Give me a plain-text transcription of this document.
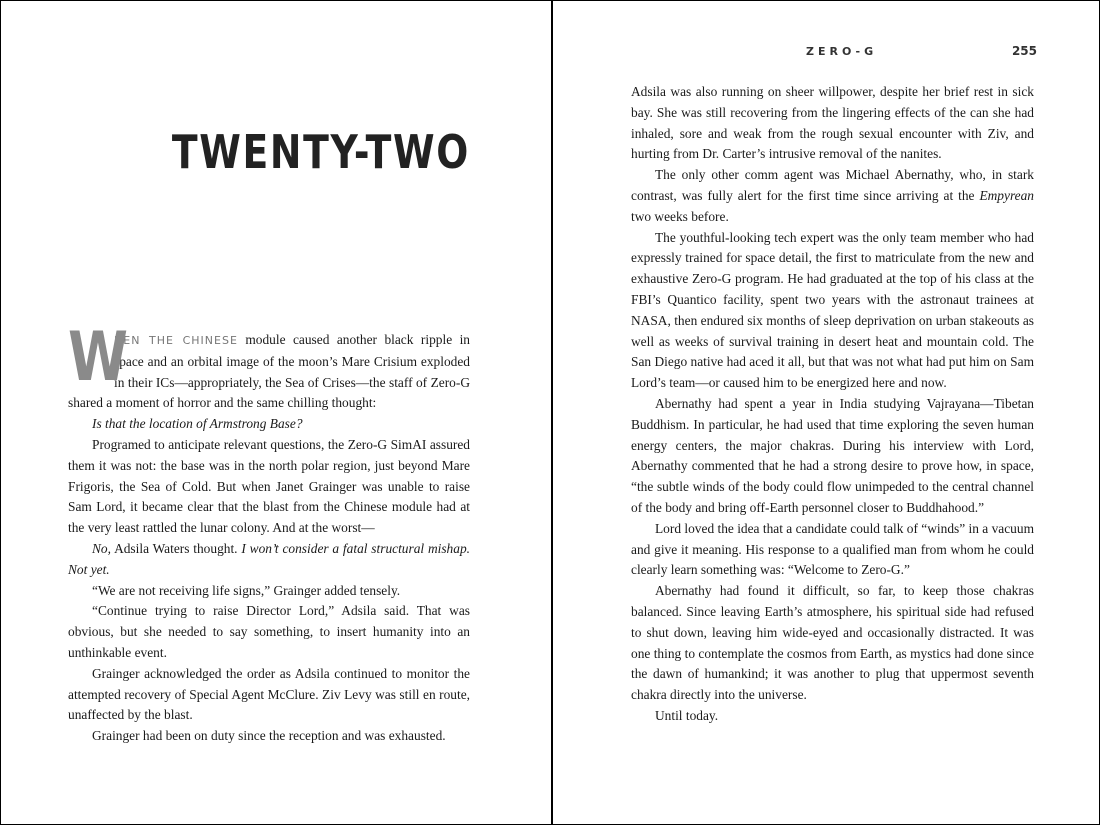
TWENTY-TWO

W
HEN THE CHINESE module caused another black ripple in space and an orbital image of the moon’s Mare Crisium exploded in their ICs—appropriately, the Sea of Crises—the staff of Zero-G shared a moment of horror and the same chilling thought:

Is that the location of Armstrong Base?

Programed to anticipate relevant questions, the Zero-G SimAI assured them it was not: the base was in the north polar region, just beyond Mare Frigoris, the Sea of Cold. But when Janet Grainger was unable to raise Sam Lord, it became clear that the blast from the Chinese module had at the very least rattled the lunar colony. And at the worst—

No, Adsila Waters thought. I won’t consider a fatal structural mishap. Not yet.

“We are not receiving life signs,” Grainger added tensely.

“Continue trying to raise Director Lord,” Adsila said. That was obvious, but she needed to say something, to insert humanity into an unthinkable event.

Grainger acknowledged the order as Adsila continued to monitor the attempted recovery of Special Agent McClure. Ziv Levy was still en route, unaffected by the blast.

Grainger had been on duty since the reception and was exhausted.

ZERO-G	255

Adsila was also running on sheer willpower, despite her brief rest in sick bay. She was still recovering from the lingering effects of the can she had inhaled, sore and weak from the rough sexual encounter with Ziv, and hurting from Dr. Carter’s intrusive removal of the nanites.

The only other comm agent was Michael Abernathy, who, in stark contrast, was fully alert for the first time since arriving at the Empyrean two weeks before.

The youthful-looking tech expert was the only team member who had expressly trained for space detail, the first to matriculate from the new and exhaustive Zero-G program. He had graduated at the top of his class at the FBI’s Quantico facility, spent two years with the astronaut trainees at NASA, then endured six months of sleep deprivation on urban stakeouts as well as weeks of survival training in desert heat and mountain cold. The San Diego native had aced it all, but that was not what had put him on Sam Lord’s team—or caused him to be energized here and now.

Abernathy had spent a year in India studying Vajrayana—Tibetan Buddhism. In particular, he had used that time exploring the seven human energy centers, the major chakras. During his interview with Lord, Abernathy commented that he had a strong desire to prove how, in space, “the subtle winds of the body could flow unimpeded to the central channel of the body and bring off-Earth personnel closer to Buddhahood.”

Lord loved the idea that a candidate could talk of “winds” in a vacuum and give it meaning. His response to a qualified man from whom he could clearly learn something was: “Welcome to Zero-G.”

Abernathy had found it difficult, so far, to keep those chakras balanced. Since leaving Earth’s atmosphere, his spiritual side had refused to shut down, leaving him wide-eyed and occasionally distracted. It was one thing to contemplate the cosmos from Earth, as mystics had done since the dawn of humankind; it was another to plug that uppermost seventh chakra directly into the universe.

Until today.
